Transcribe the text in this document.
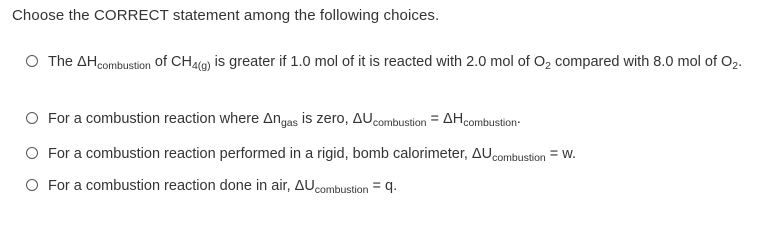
Choose the CORRECT statement among the following choices.
The $\Delta H_{combustion}$ of $CH_{4(g)}$ is greater if 1.0 mol of it is reacted with 2.0 mol of $O_2$ compared with 8.0 mol of $O_2$.
For a combustion reaction where $\Delta n_{gas}$ is zero, $\Delta U_{combustion} = \Delta H_{combustion}$.
For a combustion reaction performed in a rigid, bomb calorimeter, $\Delta U_{combustion} = w$.
For a combustion reaction done in air, $\Delta U_{combustion} = q$.
